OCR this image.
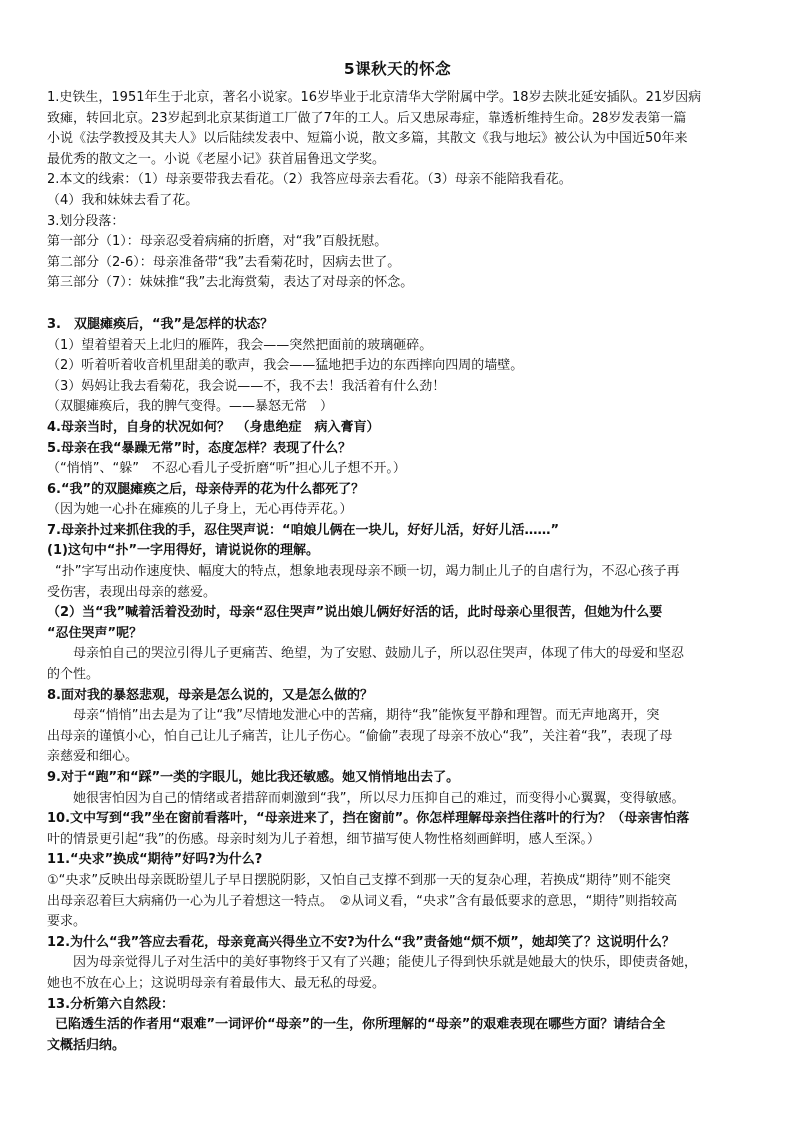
5课秋天的怀念
1.史铁生，1951年生于北京，著名小说家。16岁毕业于北京清华大学附属中学。18岁去陕北延安插队。21岁因病
致瘫，转回北京。23岁起到北京某街道工厂做了7年的工人。后又患尿毒症，靠透析维持生命。28岁发表第一篇
小说《法学教授及其夫人》以后陆续发表中、短篇小说，散文多篇，其散文《我与地坛》被公认为中国近50年来
最优秀的散文之一。小说《老屋小记》获首届鲁迅文学奖。
2.本文的线索：（1）母亲要带我去看花。（2）我答应母亲去看花。（3）母亲不能陪我看花。
（4）我和妹妹去看了花。
3.划分段落：
第一部分（1）：母亲忍受着病痛的折磨，对“我”百般抚慰。
第二部分（2-6）：母亲准备带“我”去看菊花时，因病去世了。
第三部分（7）：妹妹推“我”去北海赏菊，表达了对母亲的怀念。
3.　双腿瘫痪后，“我”是怎样的状态？
（1）望着望着天上北归的雁阵，我会——突然把面前的玻璃砸碎。
（2）听着听着收音机里甜美的歌声，我会——猛地把手边的东西摔向四周的墙壁。
（3）妈妈让我去看菊花，我会说——不，我不去！我活着有什么劲！
（双腿瘫痪后，我的脾气变得。——暴怒无常　）
4.母亲当时，自身的状况如何？　（身患绝症　病入膏肓）
5.母亲在我“暴躁无常”时，态度怎样？表现了什么？
（“悄悄”、“躲”　不忍心看儿子受折磨“听”担心儿子想不开。）
6.“我”的双腿瘫痪之后，母亲侍弄的花为什么都死了？
（因为她一心扑在瘫痪的儿子身上，无心再侍弄花。）
7.母亲扑过来抓住我的手，忍住哭声说：“咱娘儿俩在一块儿，好好儿活，好好儿活……”
(1)这句中“扑”一字用得好，请说说你的理解。
“扑”字写出动作速度快、幅度大的特点，想象地表现母亲不顾一切，竭力制止儿子的自虐行为，不忍心孩子再
受伤害，表现出母亲的慈爱。
（2）当“我”喊着活着没劲时，母亲“忍住哭声”说出娘儿俩好好活的话，此时母亲心里很苦，但她为什么要
“忍住哭声”呢？
母亲怕自己的哭泣引得儿子更痛苦、绝望，为了安慰、鼓励儿子，所以忍住哭声，体现了伟大的母爱和坚忍
的个性。
8.面对我的暴怒悲观，母亲是怎么说的，又是怎么做的？
母亲“悄悄”出去是为了让“我”尽情地发泄心中的苦痛，期待“我”能恢复平静和理智。而无声地离开，突
出母亲的谨慎小心，怕自己让儿子痛苦，让儿子伤心。“偷偷”表现了母亲不放心“我”，关注着“我”，表现了母
亲慈爱和细心。
9.对于“跑”和“踩”一类的字眼儿，她比我还敏感。她又悄悄地出去了。
她很害怕因为自己的情绪或者措辞而刺激到“我”，所以尽力压抑自己的难过，而变得小心翼翼，变得敏感。
10.文中写到“我”坐在窗前看落叶，“母亲进来了，挡在窗前”。你怎样理解母亲挡住落叶的行为？（母亲害怕落
叶的情景更引起“我”的伤感。母亲时刻为儿子着想，细节描写使人物性格刻画鲜明，感人至深。）
11.“央求”换成“期待”好吗?为什么?
①“央求”反映出母亲既盼望儿子早日摆脱阴影，又怕自己支撑不到那一天的复杂心理，若换成“期待”则不能突
出母亲忍着巨大病痛仍一心为儿子着想这一特点。　②从词义看，“央求”含有最低要求的意思，“期待”则指较高
要求。
12.为什么“我”答应去看花，母亲竟高兴得坐立不安?为什么“我”责备她“烦不烦”，她却笑了？这说明什么？
因为母亲觉得儿子对生活中的美好事物终于又有了兴趣；能使儿子得到快乐就是她最大的快乐，即使责备她，
她也不放在心上；这说明母亲有着最伟大、最无私的母爱。
13.分析第六自然段：
已陷透生活的作者用“艰难”一词评价“母亲”的一生，你所理解的“母亲”的艰难表现在哪些方面？请结合全
文概括归纳。
